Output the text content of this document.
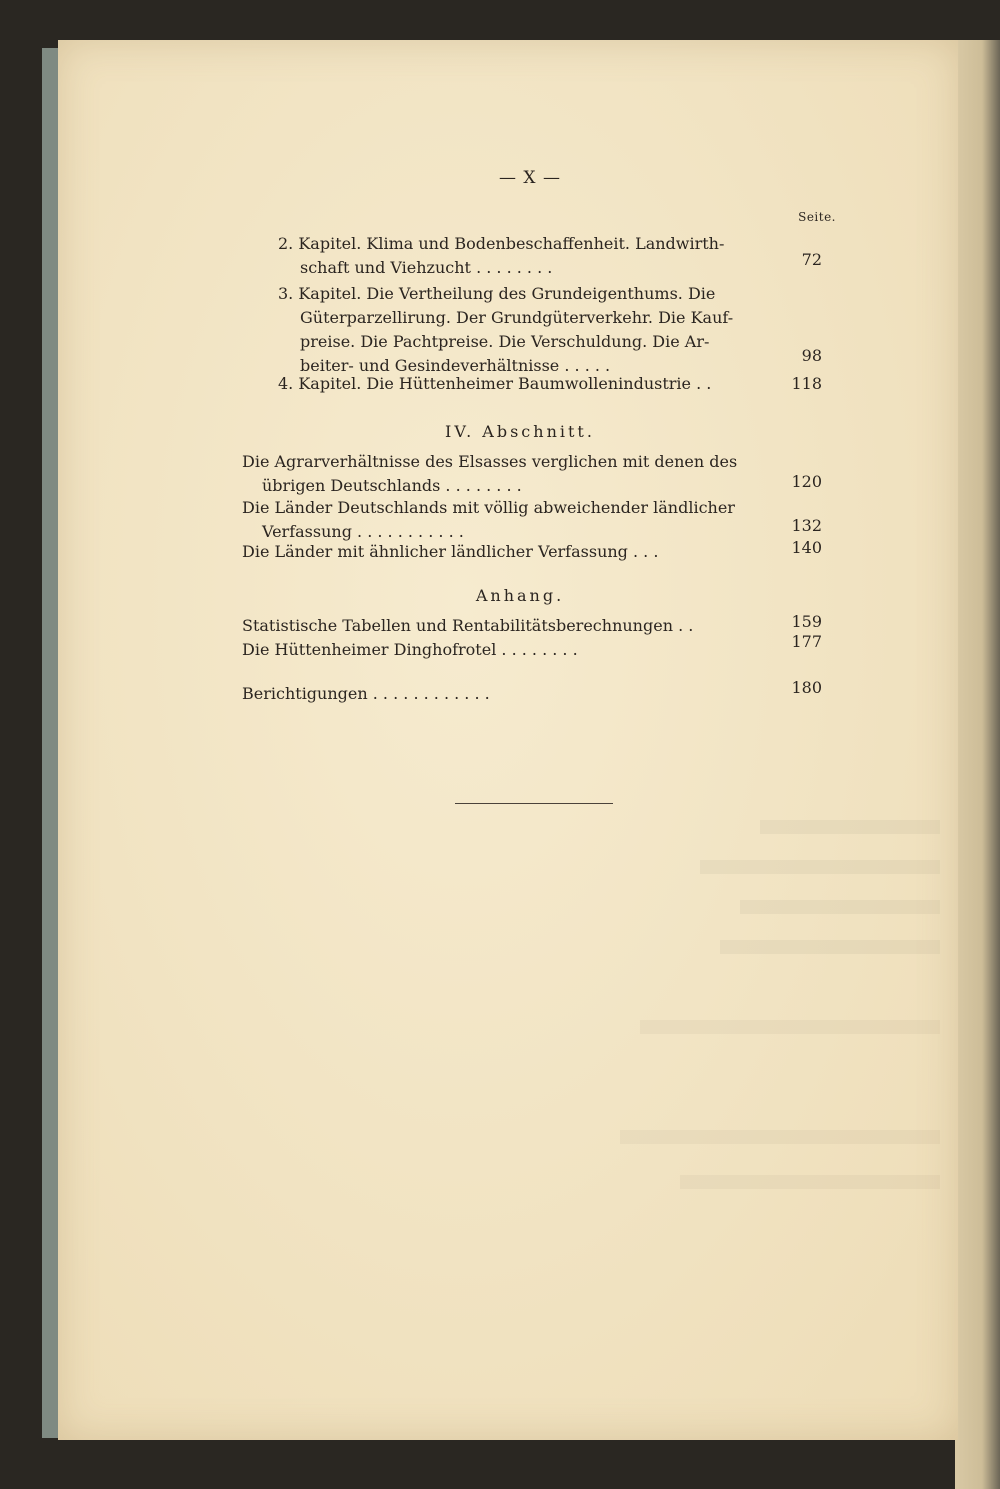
— X —
Seite.
2. Kapitel. Klima und Bodenbeschaffenheit. Landwirth-
schaft und Viehzucht . . . . . . . .	72
3. Kapitel. Die Vertheilung des Grundeigenthums. Die
Güterparzellirung. Der Grundgüterverkehr. Die Kauf-
preise. Die Pachtpreise. Die Verschuldung. Die Ar-
beiter- und Gesindeverhältnisse . . . . .
98
4. Kapitel. Die Hüttenheimer Baumwollenindustrie . .	118
IV. Abschnitt.
Die Agrarverhältnisse des Elsasses verglichen mit denen des
übrigen Deutschlands . . . . . . . .	120
Die Länder Deutschlands mit völlig abweichender ländlicher
Verfassung . . . . . . . . . . .	132
Die Länder mit ähnlicher ländlicher Verfassung . . .	140
Anhang.
Statistische Tabellen und Rentabilitätsberechnungen . .	159
Die Hüttenheimer Dinghofrotel . . . . . . . .	177
Berichtigungen . . . . . . . . . . . .	180
